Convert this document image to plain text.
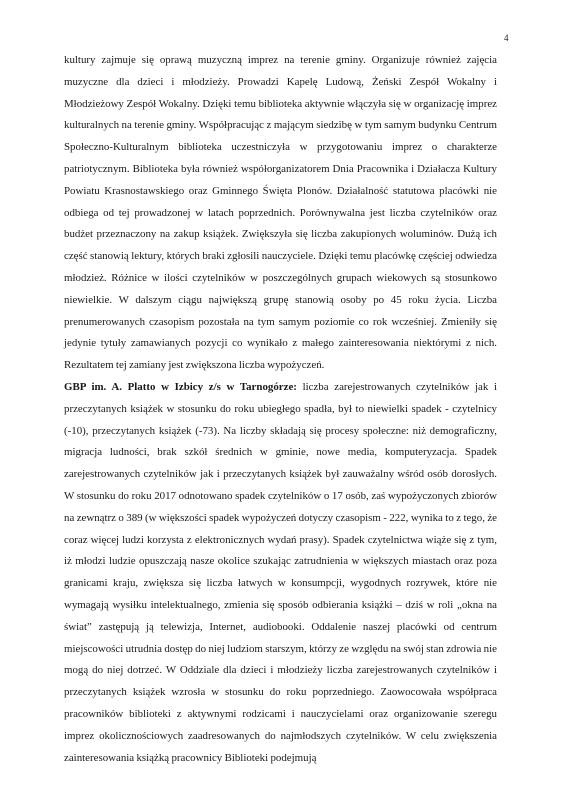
4

kultury zajmuje się oprawą muzyczną imprez na terenie gminy. Organizuje również zajęcia muzyczne dla dzieci i młodzieży. Prowadzi Kapelę Ludową, Żeński Zespół Wokalny i Młodzieżowy Zespół Wokalny. Dzięki temu biblioteka aktywnie włączyła się w organizację imprez kulturalnych na terenie gminy. Współpracując z mającym siedzibę w tym samym budynku Centrum Społeczno-Kulturalnym biblioteka uczestniczyła w przygotowaniu imprez o charakterze patriotycznym. Biblioteka była również współorganizatorem Dnia Pracownika i Działacza Kultury Powiatu Krasnostawskiego oraz Gminnego Święta Plonów. Działalność statutowa placówki nie odbiega od tej prowadzonej w latach poprzednich. Porównywalna jest liczba czytelników oraz budżet przeznaczony na zakup książek. Zwiększyła się liczba zakupionych woluminów. Dużą ich część stanowią lektury, których braki zgłosili nauczyciele. Dzięki temu placówkę częściej odwiedza młodzież. Różnice w ilości czytelników w poszczególnych grupach wiekowych są stosunkowo niewielkie. W dalszym ciągu największą grupę stanowią osoby po 45 roku życia. Liczba prenumerowanych czasopism pozostała na tym samym poziomie co rok wcześniej. Zmieniły się jedynie tytuły zamawianych pozycji co wynikało z małego zainteresowania niektórymi z nich. Rezultatem tej zamiany jest zwiększona liczba wypożyczeń.

GBP im. A. Platto w Izbicy z/s w Tarnogórze: liczba zarejestrowanych czytelników jak i przeczytanych książek w stosunku do roku ubiegłego spadła, był to niewielki spadek - czytelnicy (-10), przeczytanych książek (-73). Na liczby składają się procesy społeczne: niż demograficzny, migracja ludności, brak szkół średnich w gminie, nowe media, komputeryzacja. Spadek zarejestrowanych czytelników jak i przeczytanych książek był zauważalny wśród osób dorosłych. W stosunku do roku 2017 odnotowano spadek czytelników o 17 osób, zaś wypożyczonych zbiorów na zewnątrz o 389 (w większości spadek wypożyczeń dotyczy czasopism - 222, wynika to z tego, że coraz więcej ludzi korzysta z elektronicznych wydań prasy). Spadek czytelnictwa wiąże się z tym, iż młodzi ludzie opuszczają nasze okolice szukając zatrudnienia w większych miastach oraz poza granicami kraju, zwiększa się liczba łatwych w konsumpcji, wygodnych rozrywek, które nie wymagają wysiłku intelektualnego, zmienia się sposób odbierania książki – dziś w roli „okna na świat” zastępują ją telewizja, Internet, audiobooki. Oddalenie naszej placówki od centrum miejscowości utrudnia dostęp do niej ludziom starszym, którzy ze względu na swój stan zdrowia nie mogą do niej dotrzeć. W Oddziale dla dzieci i młodzieży liczba zarejestrowanych czytelników i przeczytanych książek wzrosła w stosunku do roku poprzedniego. Zaowocowała współpraca pracowników biblioteki z aktywnymi rodzicami i nauczycielami oraz organizowanie szeregu imprez okolicznościowych zaadresowanych do najmłodszych czytelników. W celu zwiększenia zainteresowania książką pracownicy Biblioteki podejmują
